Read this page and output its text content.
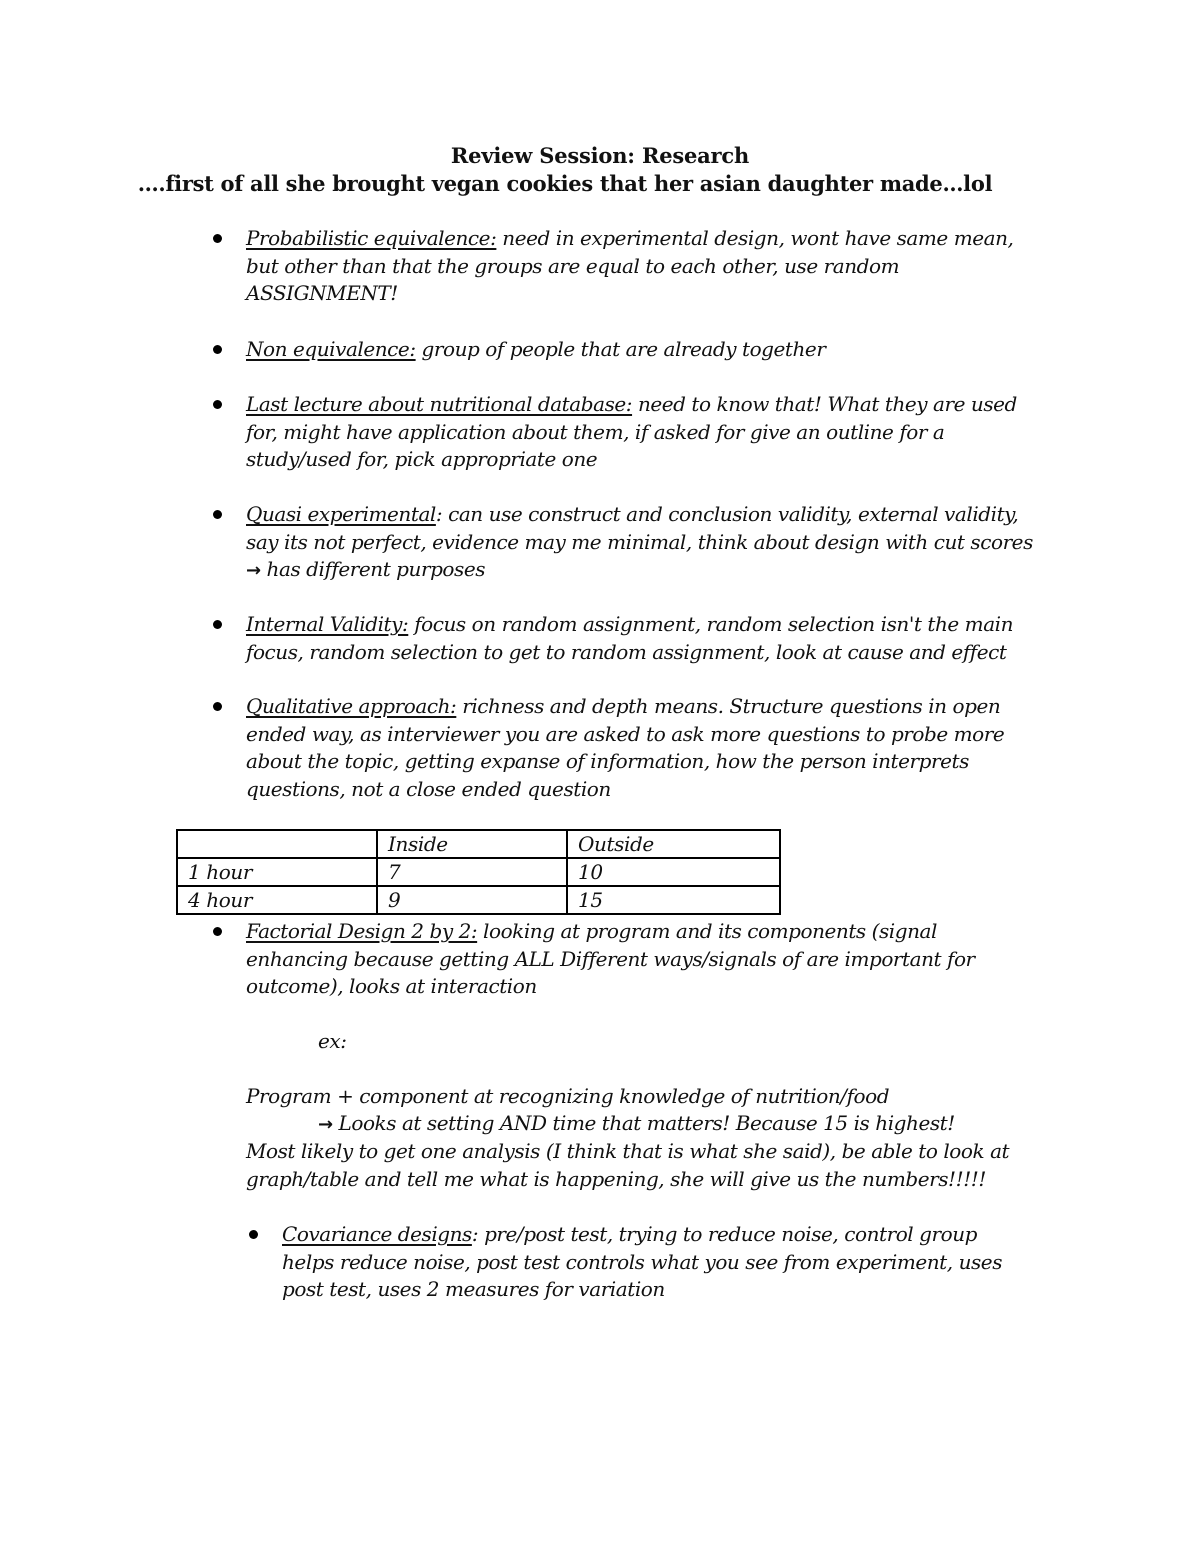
Review Session: Research
….first of all she brought vegan cookies that her asian daughter made…lol
Probabilistic equivalence: need in experimental design, wont have same mean, but other than that the groups are equal to each other, use random ASSIGNMENT!
Non equivalence: group of people that are already together
Last lecture about nutritional database: need to know that! What they are used for, might have application about them, if asked for give an outline for a study/used for, pick appropriate one
Quasi experimental: can use construct and conclusion validity, external validity, say its not perfect, evidence may me minimal, think about design with cut scores → has different purposes
Internal Validity: focus on random assignment, random selection isn't the main focus, random selection to get to random assignment, look at cause and effect
Qualitative approach: richness and depth means. Structure questions in open ended way, as interviewer you are asked to ask more questions to probe more about the topic, getting expanse of information, how the person interprets questions, not a close ended question
	Inside	Outside
1 hour	7	10
4 hour	9	15
Factorial Design 2 by 2: looking at program and its components (signal enhancing because getting ALL Different ways/signals of are important for outcome), looks at interaction
ex:
Program + component at recognizing knowledge of nutrition/food
→ Looks at setting AND time that matters! Because 15 is highest!
Most likely to get one analysis (I think that is what she said), be able to look at graph/table and tell me what is happening, she will give us the numbers!!!!!
Covariance designs: pre/post test, trying to reduce noise, control group helps reduce noise, post test controls what you see from experiment, uses post test, uses 2 measures for variation
